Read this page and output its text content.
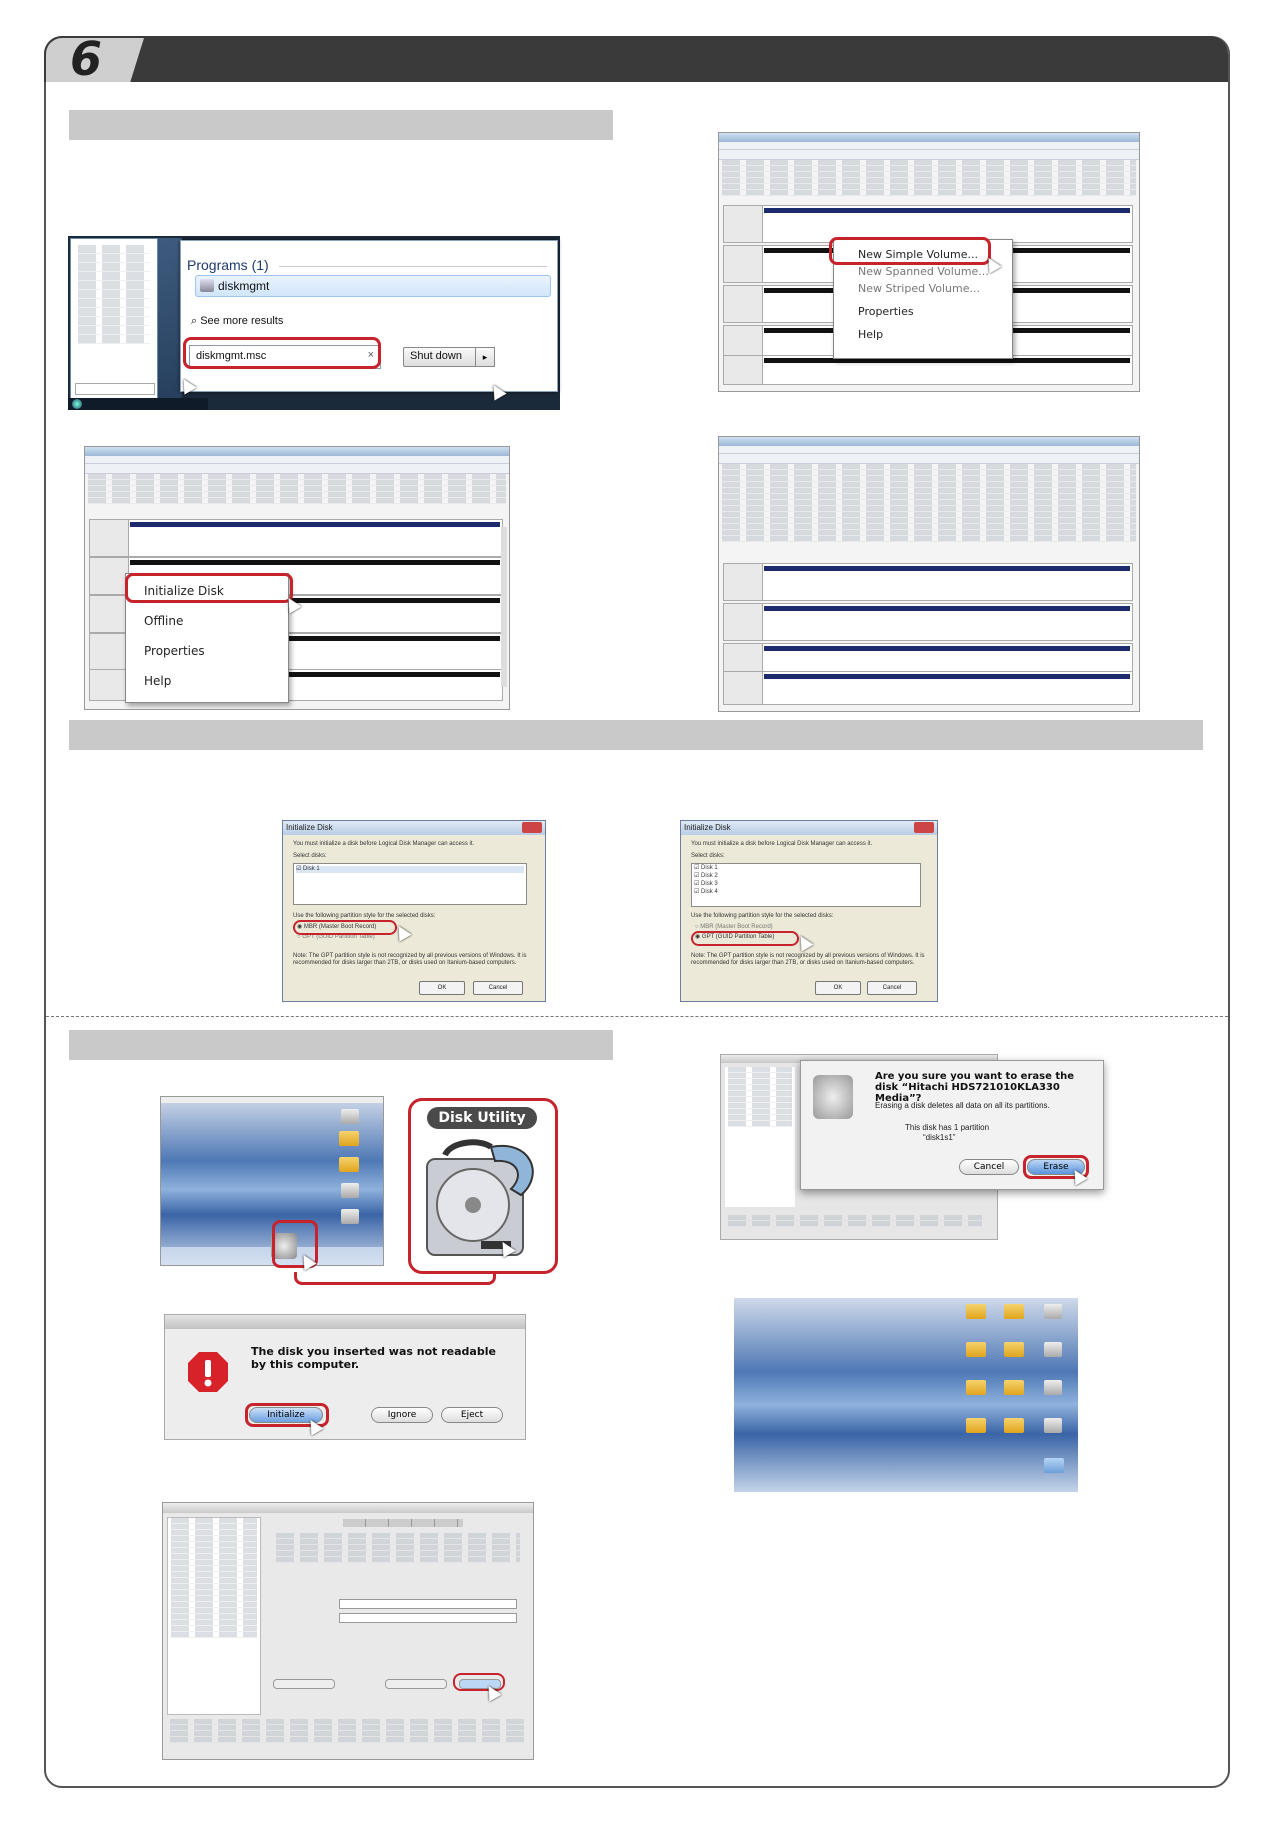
6
Programs (1)
diskmgmt
⌕ See more results
diskmgmt.msc	×	Shut down	▸
New Simple Volume...
New Spanned Volume...
New Striped Volume...
Properties
Help
Initialize Disk
Offline
Properties
Help
Initialize Disk
You must initialize a disk before Logical Disk Manager can access it.
Select disks:
☑ Disk 1
Use the following partition style for the selected disks:
◉ MBR (Master Boot Record)
○ GPT (GUID Partition Table)
Note: The GPT partition style is not recognized by all previous versions of Windows. It is recommended for disks larger than 2TB, or disks used on Itanium-based computers.
OK	Cancel
Initialize Disk
You must initialize a disk before Logical Disk Manager can access it.
Select disks:
☑ Disk 1
☑ Disk 2
☑ Disk 3
☑ Disk 4
Use the following partition style for the selected disks:
○ MBR (Master Boot Record)
◉ GPT (GUID Partition Table)
Note: The GPT partition style is not recognized by all previous versions of Windows. It is recommended for disks larger than 2TB, or disks used on Itanium-based computers.
OK	Cancel
Disk Utility
Are you sure you want to erase the disk “Hitachi HDS721010KLA330 Media”?
Erasing a disk deletes all data on all its partitions.
This disk has 1 partition
“disk1s1”
Cancel	Erase
The disk you inserted was not readable by this computer.
Initialize	Ignore	Eject
